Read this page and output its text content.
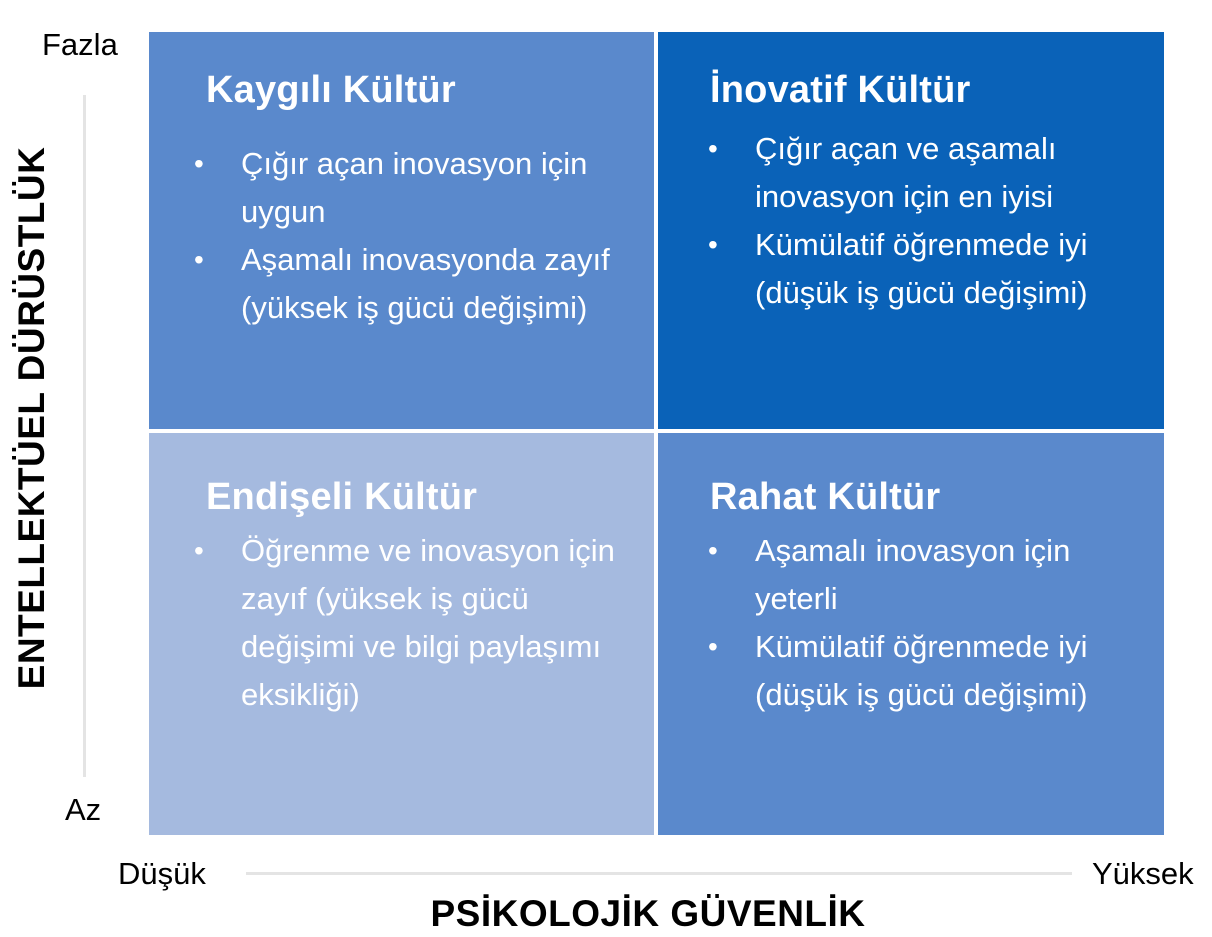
Fazla
Az
ENTELLEKTÜEL DÜRÜSTLÜK
Düşük	Yüksek
PSİKOLOJİK GÜVENLİK
Kaygılı Kültür
• Çığır açan inovasyon için uygun
• Aşamalı inovasyonda zayıf (yüksek iş gücü değişimi)
İnovatif Kültür
• Çığır açan ve aşamalı inovasyon için en iyisi
• Kümülatif öğrenmede iyi (düşük iş gücü değişimi)
Endişeli Kültür
• Öğrenme ve inovasyon için zayıf (yüksek iş gücü değişimi ve bilgi paylaşımı eksikliği)
Rahat Kültür
• Aşamalı inovasyon için yeterli
• Kümülatif öğrenmede iyi (düşük iş gücü değişimi)
